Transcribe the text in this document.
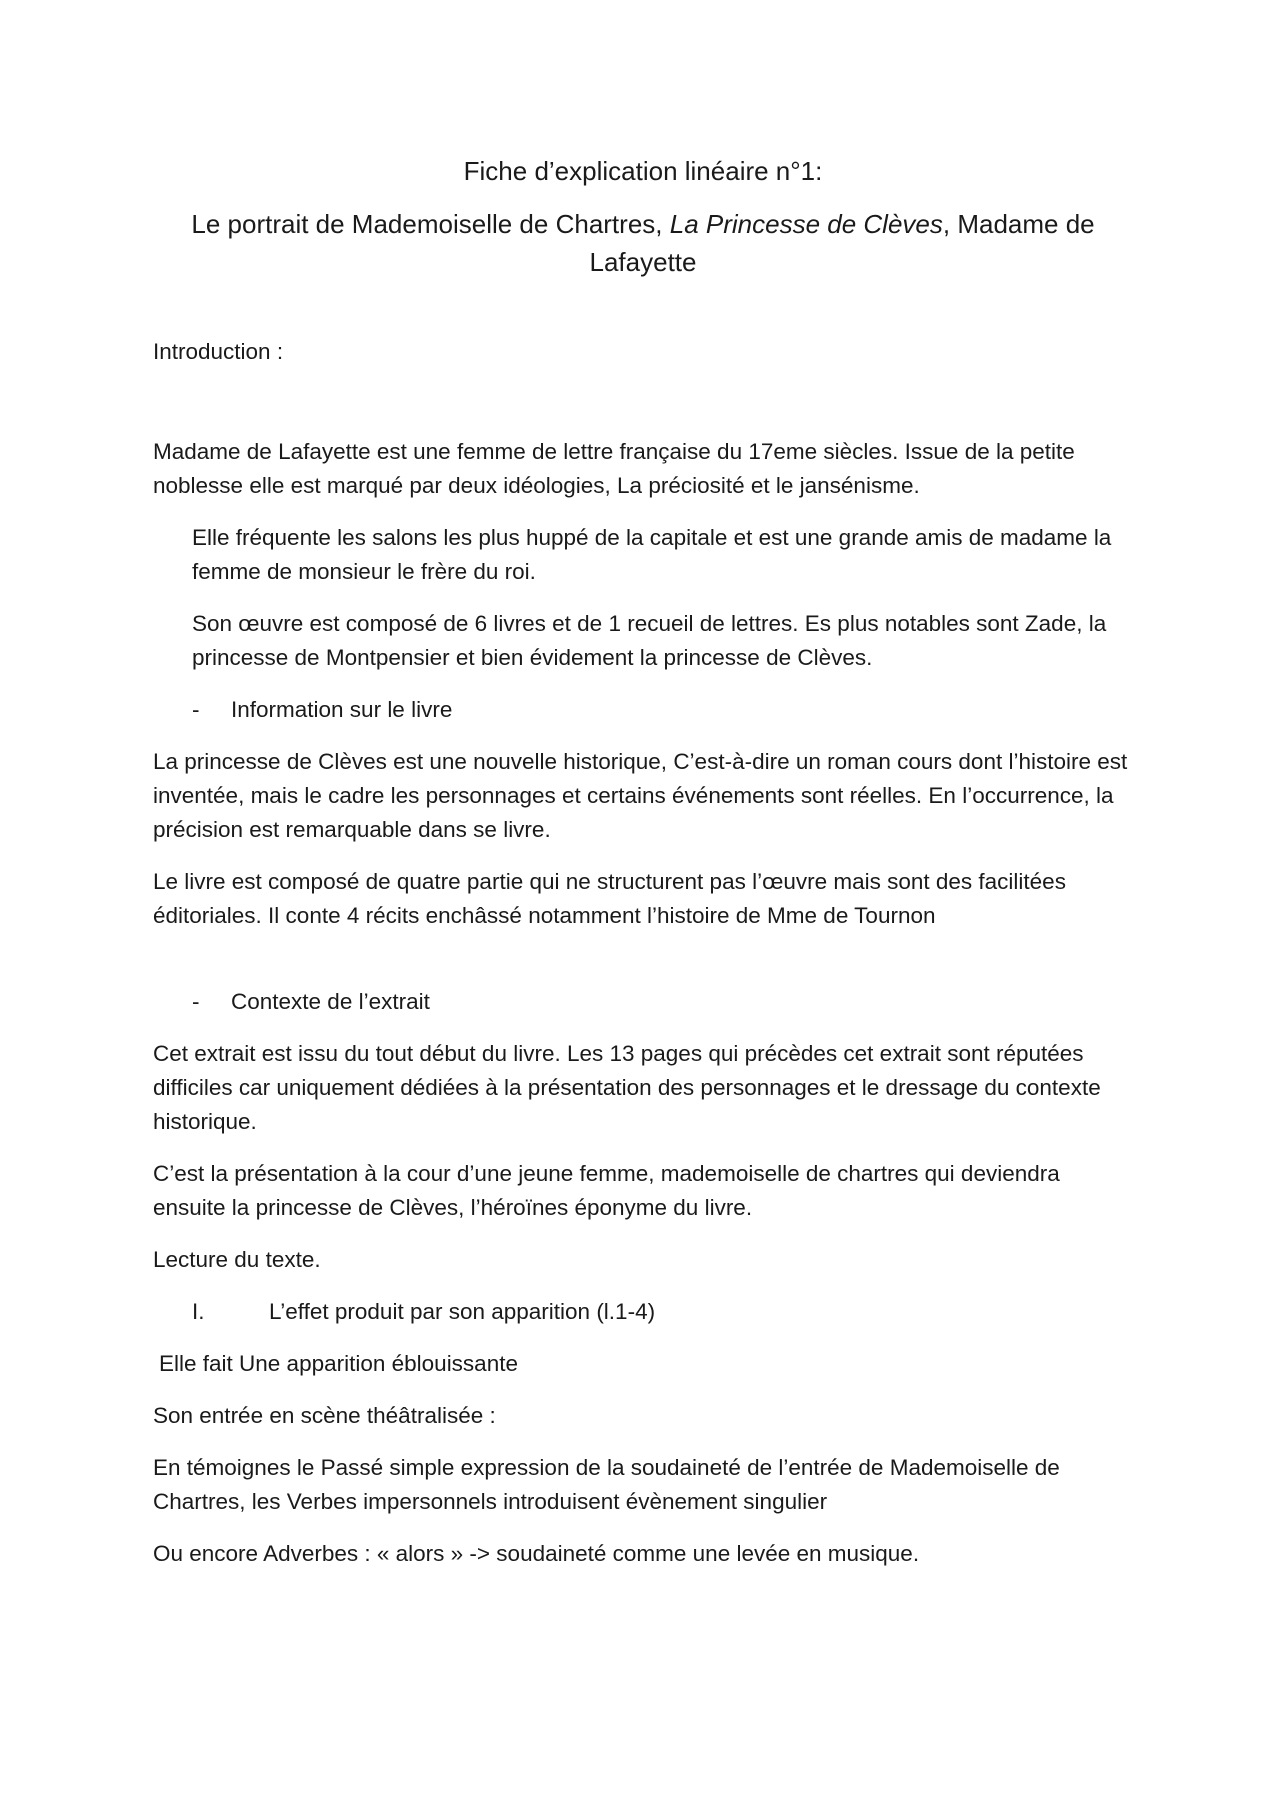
Fiche d’explication linéaire n°1:

Le portrait de Mademoiselle de Chartres, La Princesse de Clèves, Madame de Lafayette

Introduction :

Madame de Lafayette est une femme de lettre française du 17eme siècles. Issue de la petite noblesse elle est marqué par deux idéologies, La préciosité et le jansénisme.

Elle fréquente les salons les plus huppé de la capitale et est une grande amis de madame la femme de monsieur le frère du roi.

Son œuvre est composé de 6 livres et de 1 recueil de lettres. Es plus notables sont Zade, la princesse de Montpensier et bien évidement la princesse de Clèves.

- Information sur le livre

La princesse de Clèves est une nouvelle historique, C’est-à-dire un roman cours dont l’histoire est inventée, mais le cadre les personnages et certains événements sont réelles. En l’occurrence, la précision est remarquable dans se livre.

Le livre est composé de quatre partie qui ne structurent pas l’œuvre mais sont des facilitées éditoriales. Il conte 4 récits enchâssé notamment l’histoire de Mme de Tournon

- Contexte de l’extrait

Cet extrait est issu du tout début du livre. Les 13 pages qui précèdes cet extrait sont réputées difficiles car uniquement dédiées à la présentation des personnages et le dressage du contexte historique.

C’est la présentation à la cour d’une jeune femme, mademoiselle de chartres qui deviendra ensuite la princesse de Clèves, l’héroïnes éponyme du livre.

Lecture du texte.

I.	L’effet produit par son apparition (l.1-4)

Elle fait Une apparition éblouissante

Son entrée en scène théâtralisée :

En témoignes le Passé simple expression de la soudaineté de l’entrée de Mademoiselle de Chartres, les Verbes impersonnels introduisent évènement singulier

Ou encore Adverbes : « alors » -> soudaineté comme une levée en musique.
